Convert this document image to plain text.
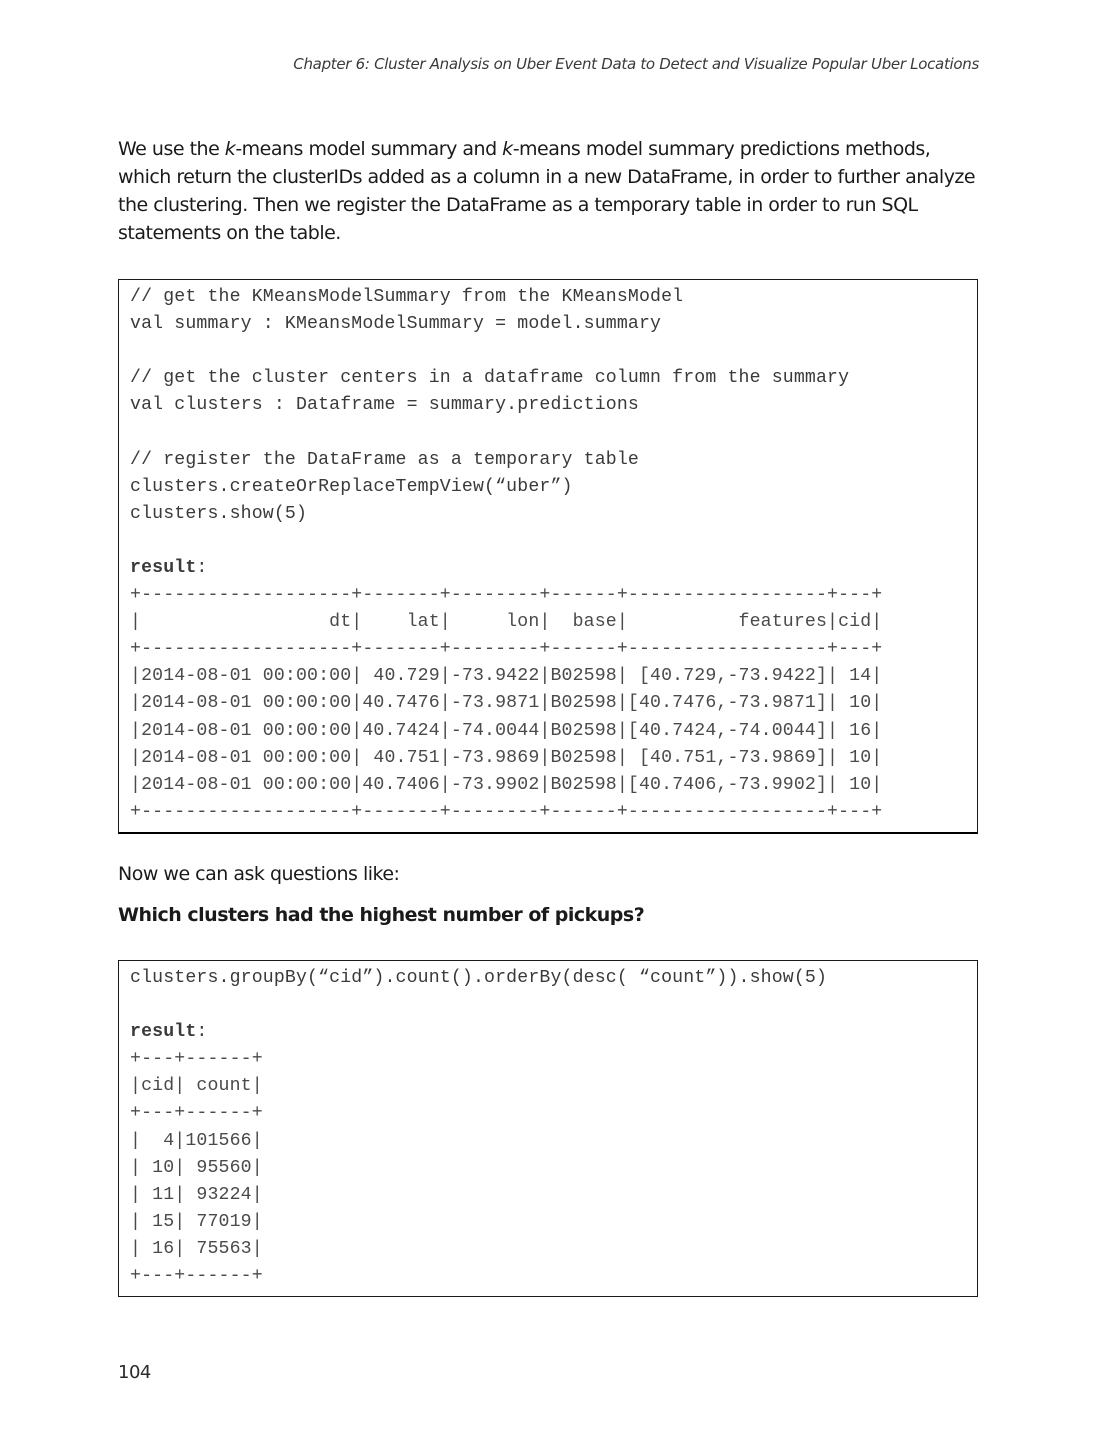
Chapter 6: Cluster Analysis on Uber Event Data to Detect and Visualize Popular Uber Locations

We use the k-means model summary and k-means model summary predictions methods, which return the clusterIDs added as a column in a new DataFrame, in order to further analyze the clustering. Then we register the DataFrame as a temporary table in order to run SQL statements on the table.

// get the KMeansModelSummary from the KMeansModel
val summary : KMeansModelSummary = model.summary
// get the cluster centers in a dataframe column from the summary
val clusters : Dataframe = summary.predictions
// register the DataFrame as a temporary table
clusters.createOrReplaceTempView(“uber”)
clusters.show(5)
result:
+-------------------+-------+--------+------+------------------+---+
|                 dt|    lat|     lon|  base|          features|cid|
+-------------------+-------+--------+------+------------------+---+
|2014-08-01 00:00:00| 40.729|-73.9422|B02598| [40.729,-73.9422]| 14|
|2014-08-01 00:00:00|40.7476|-73.9871|B02598|[40.7476,-73.9871]| 10|
|2014-08-01 00:00:00|40.7424|-74.0044|B02598|[40.7424,-74.0044]| 16|
|2014-08-01 00:00:00| 40.751|-73.9869|B02598| [40.751,-73.9869]| 10|
|2014-08-01 00:00:00|40.7406|-73.9902|B02598|[40.7406,-73.9902]| 10|
+-------------------+-------+--------+------+------------------+---+

Now we can ask questions like:

Which clusters had the highest number of pickups?

clusters.groupBy(“cid”).count().orderBy(desc( “count”)).show(5)
result:
+---+------+
|cid| count|
+---+------+
|  4|101566|
| 10| 95560|
| 11| 93224|
| 15| 77019|
| 16| 75563|
+---+------+
104
